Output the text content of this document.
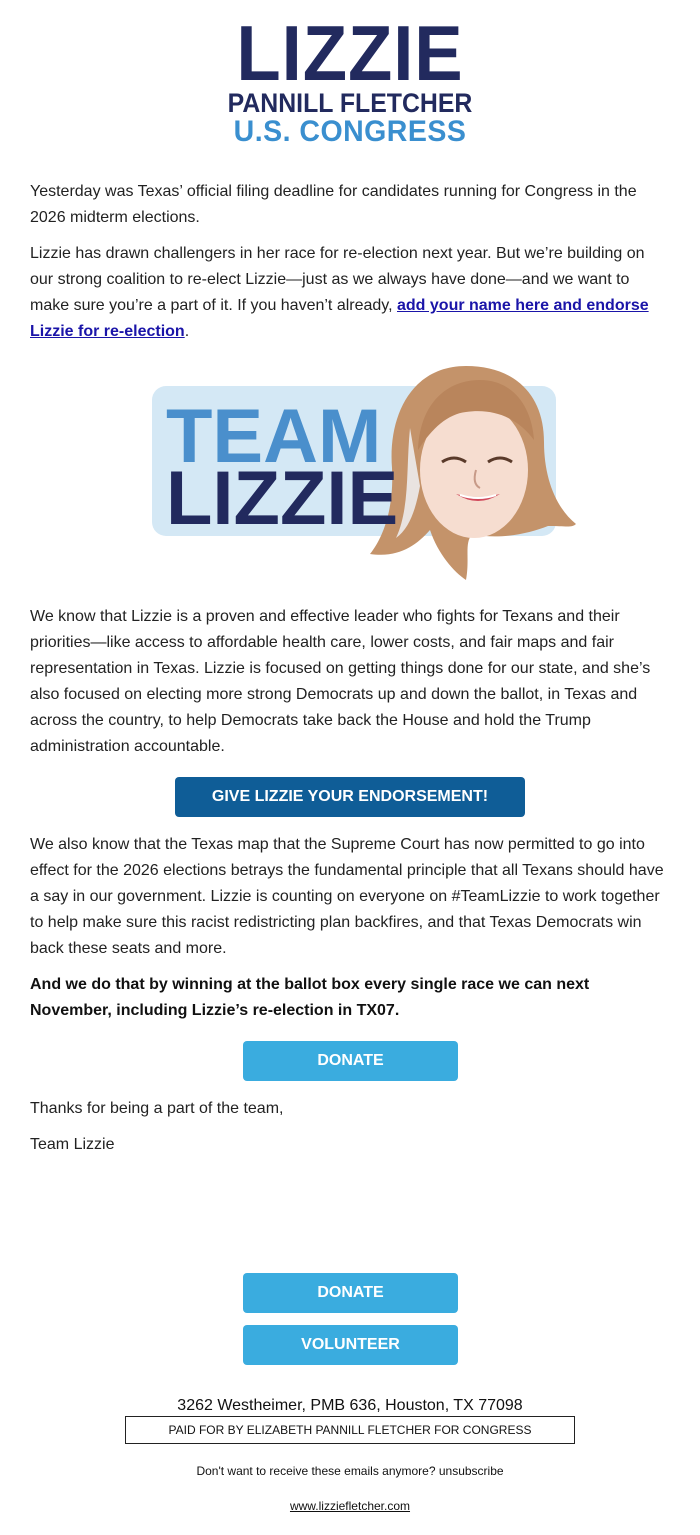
LIZZIE
PANNILL FLETCHER
U.S. CONGRESS

Yesterday was Texas’ official filing deadline for candidates running for Congress in the 2026 midterm elections.

Lizzie has drawn challengers in her race for re-election next year. But we’re building on our strong coalition to re-elect Lizzie—just as we always have done—and we want to make sure you’re a part of it. If you haven’t already, add your name here and endorse Lizzie for re-election.

TEAM
LIZZIE

We know that Lizzie is a proven and effective leader who fights for Texans and their priorities—like access to affordable health care, lower costs, and fair maps and fair representation in Texas. Lizzie is focused on getting things done for our state, and she’s also focused on electing more strong Democrats up and down the ballot, in Texas and across the country, to help Democrats take back the House and hold the Trump administration accountable.

GIVE LIZZIE YOUR ENDORSEMENT!

We also know that the Texas map that the Supreme Court has now permitted to go into effect for the 2026 elections betrays the fundamental principle that all Texans should have a say in our government. Lizzie is counting on everyone on #TeamLizzie to work together to help make sure this racist redistricting plan backfires, and that Texas Democrats win back these seats and more.

And we do that by winning at the ballot box every single race we can next November, including Lizzie’s re-election in TX07.

DONATE

Thanks for being a part of the team,

Team Lizzie

DONATE
VOLUNTEER
3262 Westheimer, PMB 636, Houston, TX 77098
PAID FOR BY ELIZABETH PANNILL FLETCHER FOR CONGRESS
Don't want to receive these emails anymore? unsubscribe
www.lizziefletcher.com
